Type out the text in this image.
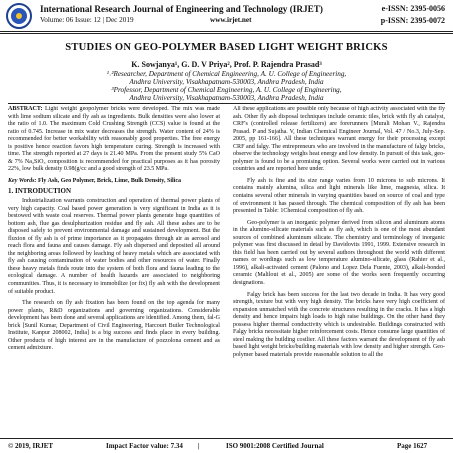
International Research Journal of Engineering and Technology (IRJET)
Volume: 06 Issue: 12 | Dec 2019	www.irjet.net
e-ISSN: 2395-0056
p-ISSN: 2395-0072
STUDIES ON GEO-POLYMER BASED LIGHT WEIGHT BRICKS
K. Sowjanya¹, G. D. V Priya², Prof. P. Rajendra Prasad³
¹˒²Researcher, Department of Chemical Engineering, A. U. College of Engineering,
Andhra University, Visakhapatnam-530003, Andhra Pradesh, India
³Professor, Department of Chemical Engineering, A. U. College of Engineering,
Andhra University, Visakhapatnam-530003, Andhra Pradesh, India

ABSTRACT: Light weight geopolymer bricks were developed. The mix was made with lime sodium silicate and fly ash as ingredients. Bulk densities were also lower at the ratio of 1.0. The maximum Cold Crushing Strength (CCS) value is found at the ratio of 0.745. Increase in mix water decreases the strength. Water content of 24% is recommended for better workability with reasonably good properties. The free energy is positive hence reaction favors high temperature curing. Strength is increased with time. The strength reported at 27 days is 21.40 MPa. From the present study 5% CaO & 7% Na₂SiO₃ composition is recommended for practical purposes as it has porosity 22%, low bulk density 0.98(g/cc and a good strength of 23.5 MPa.

Key Words: Fly Ash, Geo Polymer, Brick, Lime, Bulk Density, Silica

1. INTRODUCTION

Industrialization warrants construction and operation of thermal power plants of very high capacity. Coal based power generation is very significant in India as it is bestowed with waste coal reserves. Thermal power plants generate huge quantities of bottom ash, flue gas desulphurization residue and fly ash. All these ashes are to be disposed safely to prevent environmental damage and sustained development. But the fluxion of fly ash is of prime importance as it propagates through air as aerosol and reach flora and fauna and causes damage. Fly ash dispersed and deposited all around the neighboring areas followed by leaching of heavy metals which are associated with fly ash causing contamination of water bodies and other resources of water. Finally these heavy metals finds route into the system of both flora and fauna leading to the ecological damage. A number of health hazards are associated to neighboring communities. Thus, it is necessary to immobilize (or fix) fly ash with the development of suitable product.

The research on fly ash fixation has been found on the top agenda for many power plants, R&D organizations and governing organizations. Considerable development has been done and several applications are identified. Among them, fal-G brick [Sunil Kumar, Department of Civil Engineering, Harcourt Butler Technological Institute, Kanpur 208002, India] is a big success and finds place in every building. Other products of high interest are in the manufacture of pozzolona cement and as cement admixture.

All these applications are possible only because of high activity associated with the fly ash. Other fly ash disposal techniques include ceramic tiles, brick with fly ah catalyst, CRF's (controlled release fertilizers) are forerunners [Murali Mohan V., Rajendra Prasad. P and Sujatha. V, Indian Chemical Engineer Journal, Vol. 47 / No.3, July-Sep. 2005, pp 161-166]. All these techniques warrant energy for their processing except CRF and falgy. The entrepreneurs who are involved in the manufacture of falgy bricks, observe the technology weighs heat energy and low density. In pursuit of this task, geo-polymer is found to be a promising option. Several works were carried out in various countries and are reported here under.

Fly ash is fine and its size range varies from 10 microns to sub microns. It contains mainly alumina, silica and light minerals like lime, magnesia, silica. It contains several other minerals in varying quantities based on source of coal and type of environment it has passed through. The chemical composition of fly ash has been presented in Table: 1Chemical composition of fly ash.

Geo-polymer is an inorganic polymer derived from silicon and aluminum atoms in the alumino-silicate materials such as fly ash, which is one of the most abundant sources of combined aluminum silicate. The chemistry and terminology of inorganic polymer was first discussed in detail by Davidovits 1991, 1999. Extensive research in this field has been carried out by several authors throughout the world with different names or wordings such as low temperature alumino-silicate, glass (Rahier et al., 1996), alkali-activated cement (Palono and Lopez Dela Fuente, 2003), alkali-bonded ceramic (Malilout et al., 2005) are some of the works seen frequently occurring designations.

Falgy brick has been success for the last two decade in India. It has very good strength, texture but with very high density. The bricks have very high coefficient of expansion unmatched with the concrete structures resulting in the cracks. It has a high density and hence impairs high loads to high raise buildings. On the other hand they possess higher thermal conductivity which is undesirable. Buildings constructed with Falgy bricks necessitate higher reinforcement costs. Hence consume large quantities of steel making the building costlier. All these factors warrant the development of fly ash based light weight bricks/building materials with low density and higher strength. Geo-polymer based materials provide reasonable solution to all the

© 2019, IRJET	Impact Factor value: 7.34 |	ISO 9001:2008 Certified Journal	Page 1627
